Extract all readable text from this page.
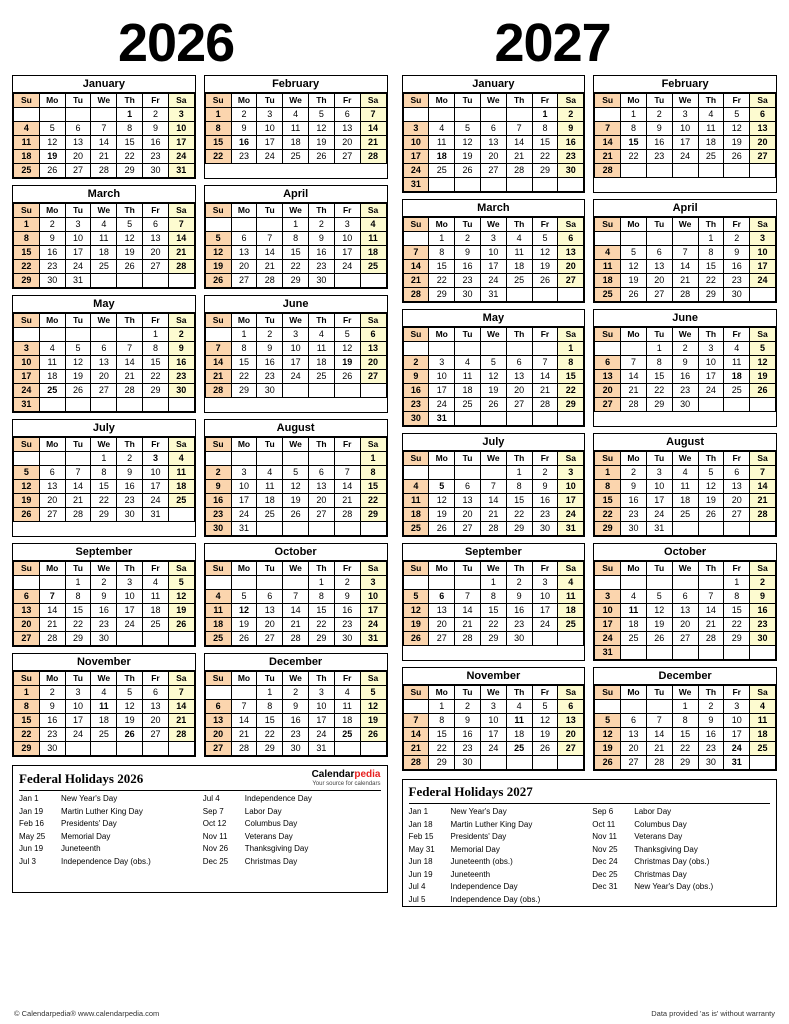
2026	2027
January
Su	Mo	Tu	We	Th	Fr	Sa
				1	2	3
4	5	6	7	8	9	10
11	12	13	14	15	16	17
18	19	20	21	22	23	24
25	26	27	28	29	30	31
February
Su	Mo	Tu	We	Th	Fr	Sa
1	2	3	4	5	6	7
8	9	10	11	12	13	14
15	16	17	18	19	20	21
22	23	24	25	26	27	28
March
Su	Mo	Tu	We	Th	Fr	Sa
1	2	3	4	5	6	7
8	9	10	11	12	13	14
15	16	17	18	19	20	21
22	23	24	25	26	27	28
29	30	31				
April
Su	Mo	Tu	We	Th	Fr	Sa
			1	2	3	4
5	6	7	8	9	10	11
12	13	14	15	16	17	18
19	20	21	22	23	24	25
26	27	28	29	30		
May
Su	Mo	Tu	We	Th	Fr	Sa
					1	2
3	4	5	6	7	8	9
10	11	12	13	14	15	16
17	18	19	20	21	22	23
24	25	26	27	28	29	30
31						
June
Su	Mo	Tu	We	Th	Fr	Sa
	1	2	3	4	5	6
7	8	9	10	11	12	13
14	15	16	17	18	19	20
21	22	23	24	25	26	27
28	29	30				
July
Su	Mo	Tu	We	Th	Fr	Sa
			1	2	3	4
5	6	7	8	9	10	11
12	13	14	15	16	17	18
19	20	21	22	23	24	25
26	27	28	29	30	31	
August
Su	Mo	Tu	We	Th	Fr	Sa
						1
2	3	4	5	6	7	8
9	10	11	12	13	14	15
16	17	18	19	20	21	22
23	24	25	26	27	28	29
30	31					
September
Su	Mo	Tu	We	Th	Fr	Sa
		1	2	3	4	5
6	7	8	9	10	11	12
13	14	15	16	17	18	19
20	21	22	23	24	25	26
27	28	29	30			
October
Su	Mo	Tu	We	Th	Fr	Sa
				1	2	3
4	5	6	7	8	9	10
11	12	13	14	15	16	17
18	19	20	21	22	23	24
25	26	27	28	29	30	31
November
Su	Mo	Tu	We	Th	Fr	Sa
1	2	3	4	5	6	7
8	9	10	11	12	13	14
15	16	17	18	19	20	21
22	23	24	25	26	27	28
29	30					
December
Su	Mo	Tu	We	Th	Fr	Sa
		1	2	3	4	5
6	7	8	9	10	11	12
13	14	15	16	17	18	19
20	21	22	23	24	25	26
27	28	29	30	31		
Federal Holidays 2026	Calendarpedia
Your source for calendars
Jan 1	New Year's Day
Jan 19	Martin Luther King Day
Feb 16	Presidents' Day
May 25	Memorial Day
Jun 19	Juneteenth
Jul 3	Independence Day (obs.)
Jul 4	Independence Day
Sep 7	Labor Day
Oct 12	Columbus Day
Nov 11	Veterans Day
Nov 26	Thanksgiving Day
Dec 25	Christmas Day
January
Su	Mo	Tu	We	Th	Fr	Sa
					1	2
3	4	5	6	7	8	9
10	11	12	13	14	15	16
17	18	19	20	21	22	23
24	25	26	27	28	29	30
31						
February
Su	Mo	Tu	We	Th	Fr	Sa
	1	2	3	4	5	6
7	8	9	10	11	12	13
14	15	16	17	18	19	20
21	22	23	24	25	26	27
28						
March
Su	Mo	Tu	We	Th	Fr	Sa
	1	2	3	4	5	6
7	8	9	10	11	12	13
14	15	16	17	18	19	20
21	22	23	24	25	26	27
28	29	30	31			
April
Su	Mo	Tu	We	Th	Fr	Sa
				1	2	3
4	5	6	7	8	9	10
11	12	13	14	15	16	17
18	19	20	21	22	23	24
25	26	27	28	29	30	
May
Su	Mo	Tu	We	Th	Fr	Sa
						1
2	3	4	5	6	7	8
9	10	11	12	13	14	15
16	17	18	19	20	21	22
23	24	25	26	27	28	29
30	31					
June
Su	Mo	Tu	We	Th	Fr	Sa
		1	2	3	4	5
6	7	8	9	10	11	12
13	14	15	16	17	18	19
20	21	22	23	24	25	26
27	28	29	30			
July
Su	Mo	Tu	We	Th	Fr	Sa
				1	2	3
4	5	6	7	8	9	10
11	12	13	14	15	16	17
18	19	20	21	22	23	24
25	26	27	28	29	30	31
August
Su	Mo	Tu	We	Th	Fr	Sa
1	2	3	4	5	6	7
8	9	10	11	12	13	14
15	16	17	18	19	20	21
22	23	24	25	26	27	28
29	30	31				
September
Su	Mo	Tu	We	Th	Fr	Sa
			1	2	3	4
5	6	7	8	9	10	11
12	13	14	15	16	17	18
19	20	21	22	23	24	25
26	27	28	29	30		
October
Su	Mo	Tu	We	Th	Fr	Sa
					1	2
3	4	5	6	7	8	9
10	11	12	13	14	15	16
17	18	19	20	21	22	23
24	25	26	27	28	29	30
31						
November
Su	Mo	Tu	We	Th	Fr	Sa
	1	2	3	4	5	6
7	8	9	10	11	12	13
14	15	16	17	18	19	20
21	22	23	24	25	26	27
28	29	30				
December
Su	Mo	Tu	We	Th	Fr	Sa
			1	2	3	4
5	6	7	8	9	10	11
12	13	14	15	16	17	18
19	20	21	22	23	24	25
26	27	28	29	30	31	
Federal Holidays 2027
Jan 1	New Year's Day
Jan 18	Martin Luther King Day
Feb 15	Presidents' Day
May 31	Memorial Day
Jun 18	Juneteenth (obs.)
Jun 19	Juneteenth
Jul 4	Independence Day
Jul 5	Independence Day (obs.)
Sep 6	Labor Day
Oct 11	Columbus Day
Nov 11	Veterans Day
Nov 25	Thanksgiving Day
Dec 24	Christmas Day (obs.)
Dec 25	Christmas Day
Dec 31	New Year's Day (obs.)
© Calendarpedia® www.calendarpedia.com	Data provided 'as is' without warranty
